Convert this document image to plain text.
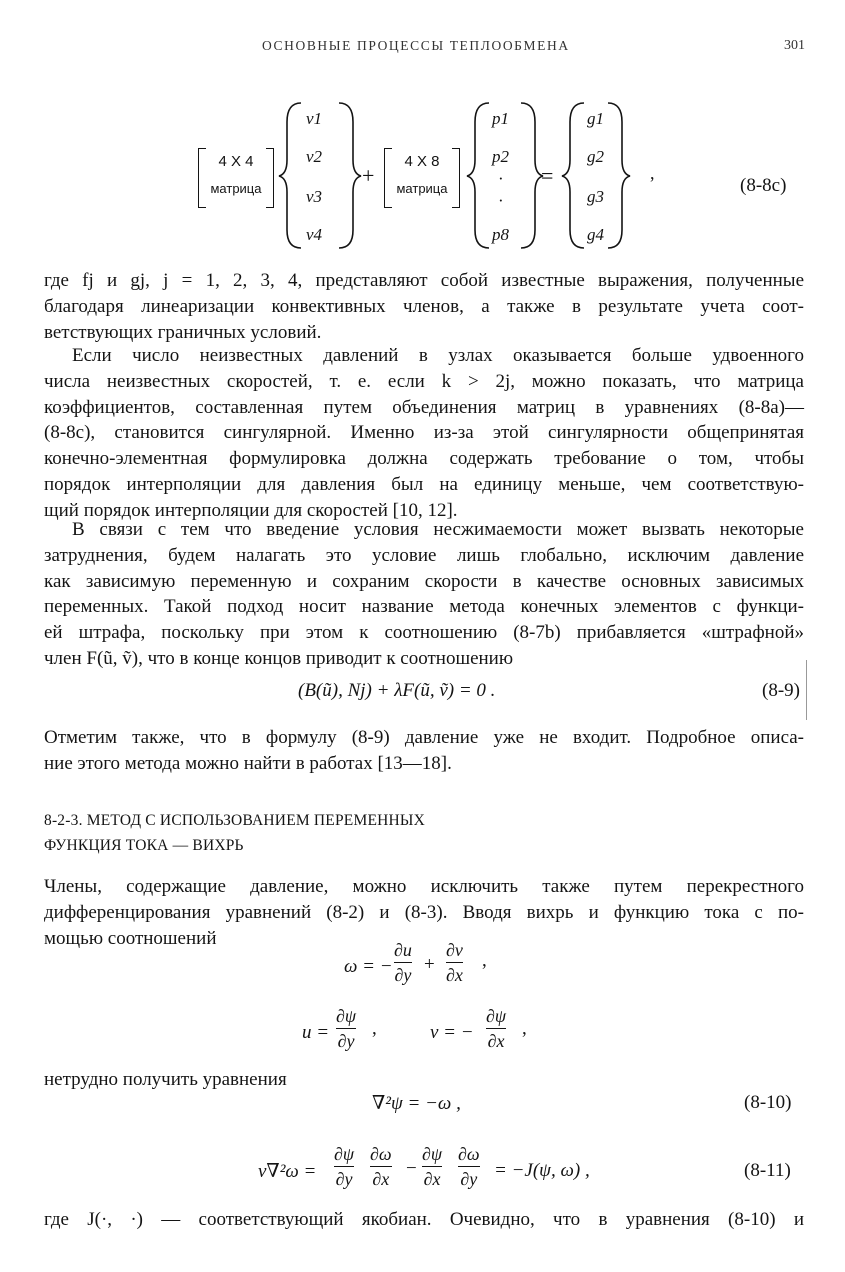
ОСНОВНЫЕ ПРОЦЕССЫ ТЕПЛООБМЕНА	301
4 X 4
матрица
v1
v2
v3
v4
+
4 X 8
матрица
p1
p2
·
·
p8
=
g1
g2
g3
g4
,
(8-8c)
где fj и gj, j = 1, 2, 3, 4, представляют собой известные выражения, полученные
благодаря линеаризации конвективных членов, а также в результате учета соот-
ветствующих граничных условий.
Если число неизвестных давлений в узлах оказывается больше удвоенного
числа неизвестных скоростей, т. е. если k > 2j, можно показать, что матрица
коэффициентов, составленная путем объединения матриц в уравнениях (8-8a)—
(8-8c), становится сингулярной. Именно из-за этой сингулярности общепринятая
конечно-элементная формулировка должна содержать требование о том, чтобы
порядок интерполяции для давления был на единицу меньше, чем соответствую-
щий порядок интерполяции для скоростей [10, 12].
В связи с тем что введение условия несжимаемости может вызвать некоторые
затруднения, будем налагать это условие лишь глобально, исключим давление
как зависимую переменную и сохраним скорости в качестве основных зависимых
переменных. Такой подход носит название метода конечных элементов с функци-
ей штрафа, поскольку при этом к соотношению (8-7b) прибавляется «штрафной»
член F(ũ, ṽ), что в конце концов приводит к соотношению
(B(ũ), Nj) + λF(ũ, ṽ) = 0 .	(8-9)
Отметим также, что в формулу (8-9) давление уже не входит. Подробное описа-
ние этого метода можно найти в работах [13—18].
8-2-3. МЕТОД С ИСПОЛЬЗОВАНИЕМ ПЕРЕМЕННЫХ
ФУНКЦИЯ ТОКА — ВИХРЬ
Члены, содержащие давление, можно исключить также путем перекрестного
дифференцирования уравнений (8-2) и (8-3). Вводя вихрь и функцию тока с по-
мощью соотношений
ω = −
∂u
∂y
+
∂v
∂x
,
u =
∂ψ
∂y
,	v = −
∂ψ
∂x
,
нетрудно получить уравнения
∇²ψ = −ω ,	(8-10)
ν∇²ω =
∂ψ
∂y
∂ω
∂x
−
∂ψ
∂x
∂ω
∂y = −J(ψ, ω) ,	(8-11)
где J(·, ·) — соответствующий якобиан. Очевидно, что в уравнения (8-10) и
